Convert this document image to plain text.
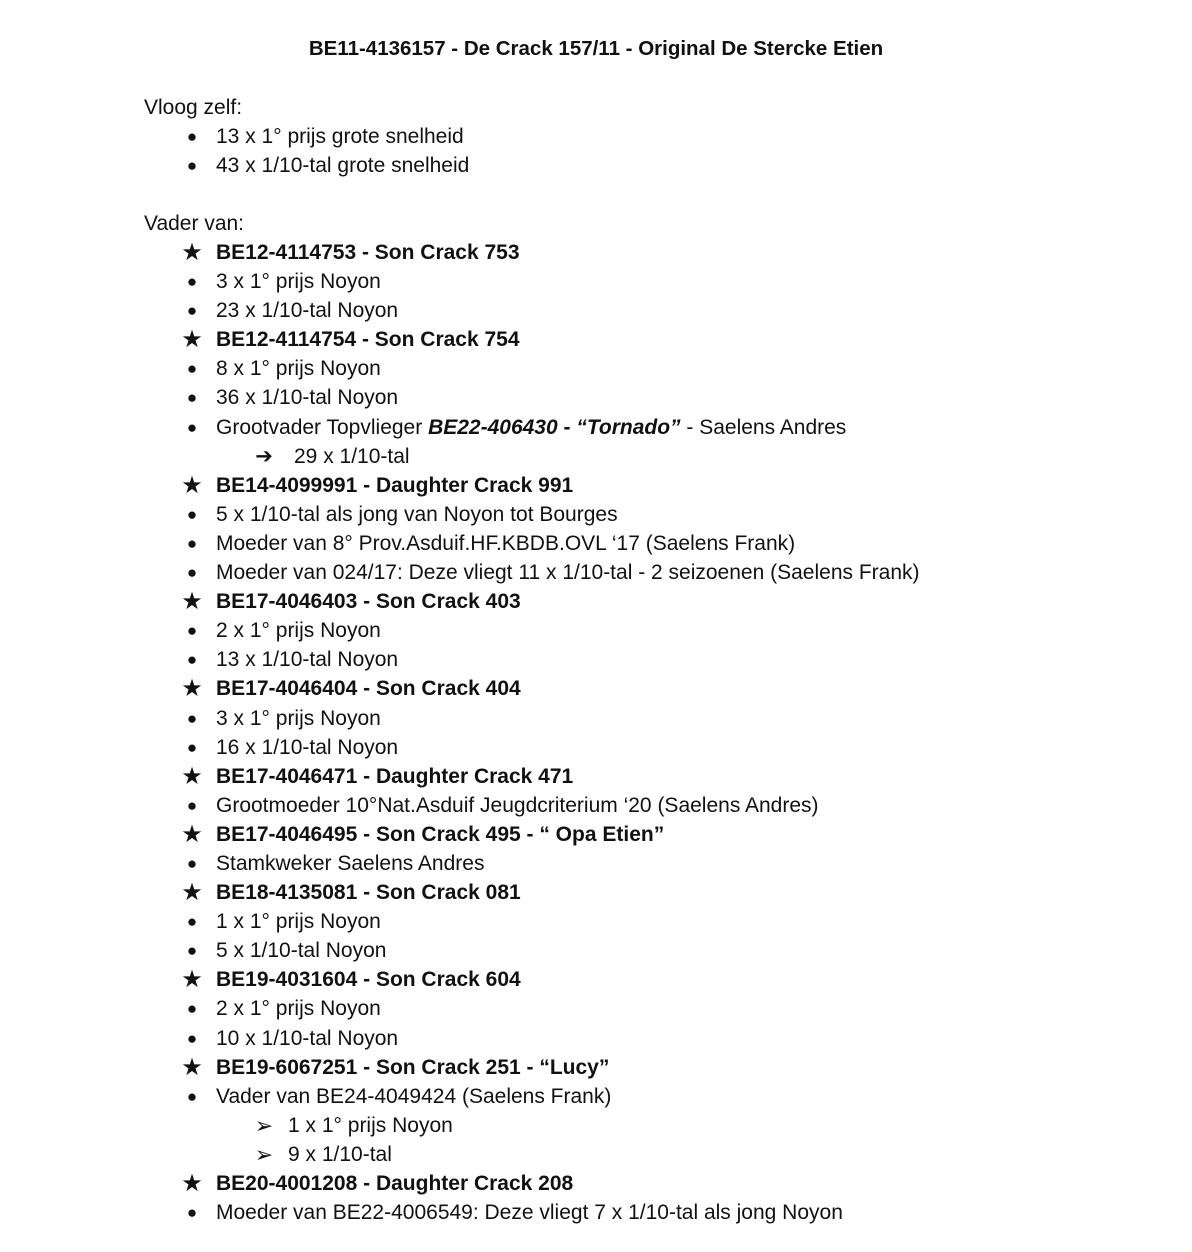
BE11-4136157 - De Crack 157/11 - Original De Stercke Etien

Vloog zelf:

● 13 x 1° prijs grote snelheid
● 43 x 1/10-tal grote snelheid

Vader van:

★ BE12-4114753 - Son Crack 753
● 3 x 1° prijs Noyon
● 23 x 1/10-tal Noyon
★ BE12-4114754 - Son Crack 754
● 8 x 1° prijs Noyon
● 36 x 1/10-tal Noyon
● Grootvader Topvlieger BE22-406430 - “Tornado” - Saelens Andres
➔ 29 x 1/10-tal
★ BE14-4099991 - Daughter Crack 991
● 5 x 1/10-tal als jong van Noyon tot Bourges
● Moeder van 8° Prov.Asduif.HF.KBDB.OVL ‘17 (Saelens Frank)
● Moeder van 024/17: Deze vliegt 11 x 1/10-tal - 2 seizoenen (Saelens Frank)
★ BE17-4046403 - Son Crack 403
● 2 x 1° prijs Noyon
● 13 x 1/10-tal Noyon
★ BE17-4046404 - Son Crack 404
● 3 x 1° prijs Noyon
● 16 x 1/10-tal Noyon
★ BE17-4046471 - Daughter Crack 471
● Grootmoeder 10°Nat.Asduif Jeugdcriterium ‘20 (Saelens Andres)
★ BE17-4046495 - Son Crack 495 - “ Opa Etien”
● Stamkweker Saelens Andres
★ BE18-4135081 - Son Crack 081
● 1 x 1° prijs Noyon
● 5 x 1/10-tal Noyon
★ BE19-4031604 - Son Crack 604
● 2 x 1° prijs Noyon
● 10 x 1/10-tal Noyon
★ BE19-6067251 - Son Crack 251 - “Lucy”
● Vader van BE24-4049424 (Saelens Frank)
➢ 1 x 1° prijs Noyon
➢ 9 x 1/10-tal
★ BE20-4001208 - Daughter Crack 208
● Moeder van BE22-4006549: Deze vliegt 7 x 1/10-tal als jong Noyon
